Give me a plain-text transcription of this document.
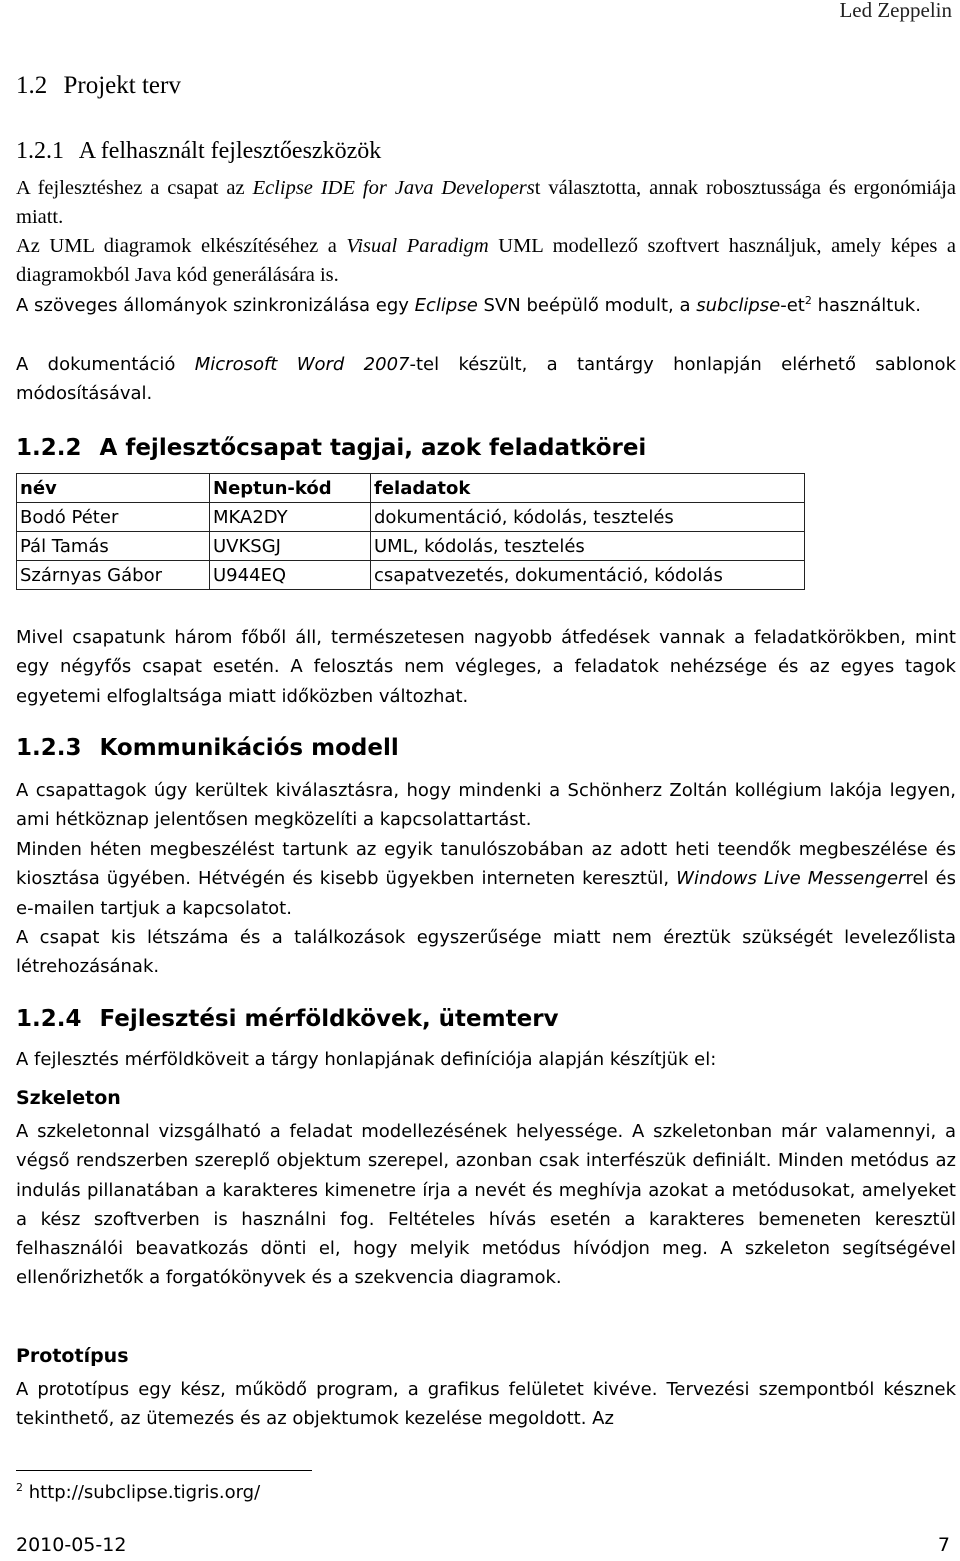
Led Zeppelin
1.2 Projekt terv
1.2.1 A felhasznált fejlesztőeszközök

A fejlesztéshez a csapat az Eclipse IDE for Java Developerst választotta, annak robosztussága és ergonómiája miatt.

Az UML diagramok elkészítéséhez a Visual Paradigm UML modellező szoftvert használjuk, amely képes a diagramokból Java kód generálására is.

A szöveges állományok szinkronizálása egy Eclipse SVN beépülő modult, a subclipse-$et^2$ használtuk.

A dokumentáció Microsoft Word 2007-tel készült, a tantárgy honlapján elérhető sablonok módosításával.

1.2.2 A fejlesztőcsapat tagjai, azok feladatkörei
név	Neptun-kód	feladatok
Bodó Péter	MKA2DY	dokumentáció, kódolás, tesztelés
Pál Tamás	UVKSGJ	UML, kódolás, tesztelés
Szárnyas Gábor	U944EQ	csapatvezetés, dokumentáció, kódolás

Mivel csapatunk három főből áll, természetesen nagyobb átfedések vannak a feladatkörökben, mint egy négyfős csapat esetén. A felosztás nem végleges, a feladatok nehézsége és az egyes tagok egyetemi elfoglaltsága miatt időközben változhat.

1.2.3 Kommunikációs modell

A csapattagok úgy kerültek kiválasztásra, hogy mindenki a Schönherz Zoltán kollégium lakója legyen, ami hétköznap jelentősen megközelíti a kapcsolattartást.

Minden héten megbeszélést tartunk az egyik tanulószobában az adott heti teendők megbeszélése és kiosztása ügyében. Hétvégén és kisebb ügyekben interneten keresztül, Windows Live Messengerrel és e-mailen tartjuk a kapcsolatot.

A csapat kis létszáma és a találkozások egyszerűsége miatt nem éreztük szükségét levelezőlista létrehozásának.

1.2.4 Fejlesztési mérföldkövek, ütemterv

A fejlesztés mérföldköveit a tárgy honlapjának definíciója alapján készítjük el:

Szkeleton

A szkeletonnal vizsgálható a feladat modellezésének helyessége. A szkeletonban már valamennyi, a végső rendszerben szereplő objektum szerepel, azonban csak interfészük definiált. Minden metódus az indulás pillanatában a karakteres kimenetre írja a nevét és meghívja azokat a metódusokat, amelyeket a kész szoftverben is használni fog. Feltételes hívás esetén a karakteres bemeneten keresztül felhasználói beavatkozás dönti el, hogy melyik metódus hívódjon meg. A szkeleton segítségével ellenőrizhetők a forgatókönyvek és a szekvencia diagramok.

Prototípus

A prototípus egy kész, működő program, a grafikus felületet kivéve. Tervezési szempontból késznek tekinthető, az ütemezés és az objektumok kezelése megoldott. Az

$^2$ http://subclipse.tigris.org/
2010-05-12	7
